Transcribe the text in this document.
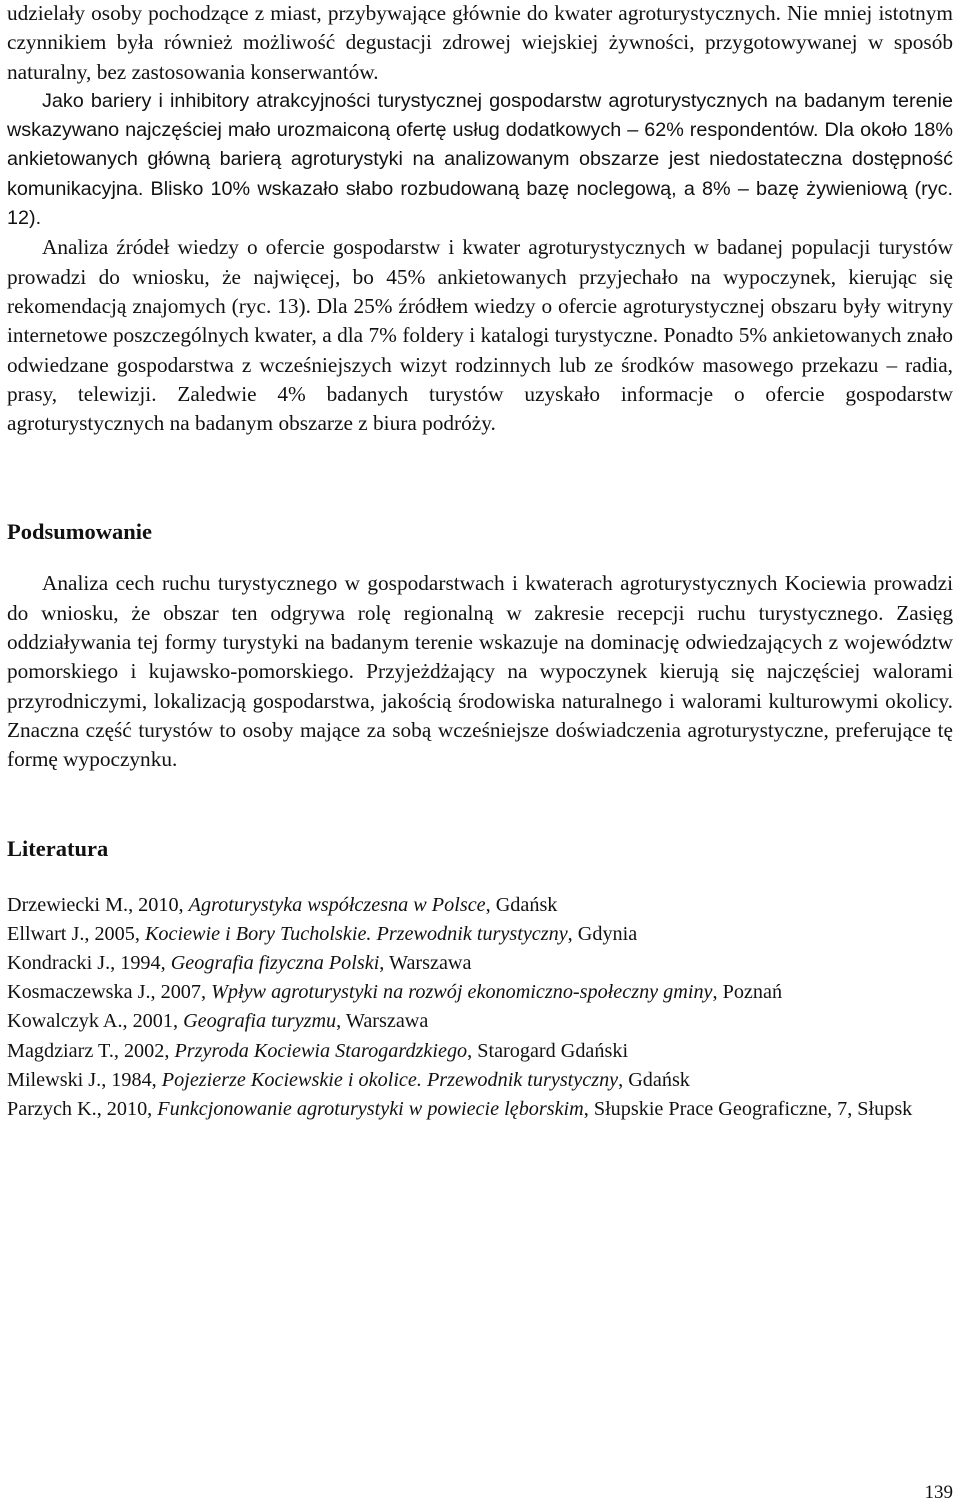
udzielały osoby pochodzące z miast, przybywające głównie do kwater agroturystycznych. Nie mniej istotnym czynnikiem była również możliwość degustacji zdrowej wiejskiej żywności, przygotowywanej w sposób naturalny, bez zastosowania konserwantów.

Jako bariery i inhibitory atrakcyjności turystycznej gospodarstw agroturystycznych na badanym terenie wskazywano najczęściej mało urozmaiconą ofertę usług dodatkowych – 62% respondentów. Dla około 18% ankietowanych główną barierą agroturystyki na analizowanym obszarze jest niedostateczna dostępność komunikacyjna. Blisko 10% wskazało słabo rozbudowaną bazę noclegową, a 8% – bazę żywieniową (ryc. 12).

Analiza źródeł wiedzy o ofercie gospodarstw i kwater agroturystycznych w badanej populacji turystów prowadzi do wniosku, że najwięcej, bo 45% ankietowanych przyjechało na wypoczynek, kierując się rekomendacją znajomych (ryc. 13). Dla 25% źródłem wiedzy o ofercie agroturystycznej obszaru były witryny internetowe poszczególnych kwater, a dla 7% foldery i katalogi turystyczne. Ponadto 5% ankietowanych znało odwiedzane gospodarstwa z wcześniejszych wizyt rodzinnych lub ze środków masowego przekazu – radia, prasy, telewizji. Zaledwie 4% badanych turystów uzyskało informacje o ofercie gospodarstw agroturystycznych na badanym obszarze z biura podróży.

Podsumowanie

Analiza cech ruchu turystycznego w gospodarstwach i kwaterach agroturystycznych Kociewia prowadzi do wniosku, że obszar ten odgrywa rolę regionalną w zakresie recepcji ruchu turystycznego. Zasięg oddziaływania tej formy turystyki na badanym terenie wskazuje na dominację odwiedzających z województw pomorskiego i kujawsko-pomorskiego. Przyjeżdżający na wypoczynek kierują się najczęściej walorami przyrodniczymi, lokalizacją gospodarstwa, jakością środowiska naturalnego i walorami kulturowymi okolicy. Znaczna część turystów to osoby mające za sobą wcześniejsze doświadczenia agroturystyczne, preferujące tę formę wypoczynku.

Literatura
Drzewiecki M., 2010, Agroturystyka współczesna w Polsce, Gdańsk
Ellwart J., 2005, Kociewie i Bory Tucholskie. Przewodnik turystyczny, Gdynia
Kondracki J., 1994, Geografia fizyczna Polski, Warszawa
Kosmaczewska J., 2007, Wpływ agroturystyki na rozwój ekonomiczno-społeczny gminy, Poznań
Kowalczyk A., 2001, Geografia turyzmu, Warszawa
Magdziarz T., 2002, Przyroda Kociewia Starogardzkiego, Starogard Gdański
Milewski J., 1984, Pojezierze Kociewskie i okolice. Przewodnik turystyczny, Gdańsk
Parzych K., 2010, Funkcjonowanie agroturystyki w powiecie lęborskim, Słupskie Prace Geograficzne, 7, Słupsk
139
